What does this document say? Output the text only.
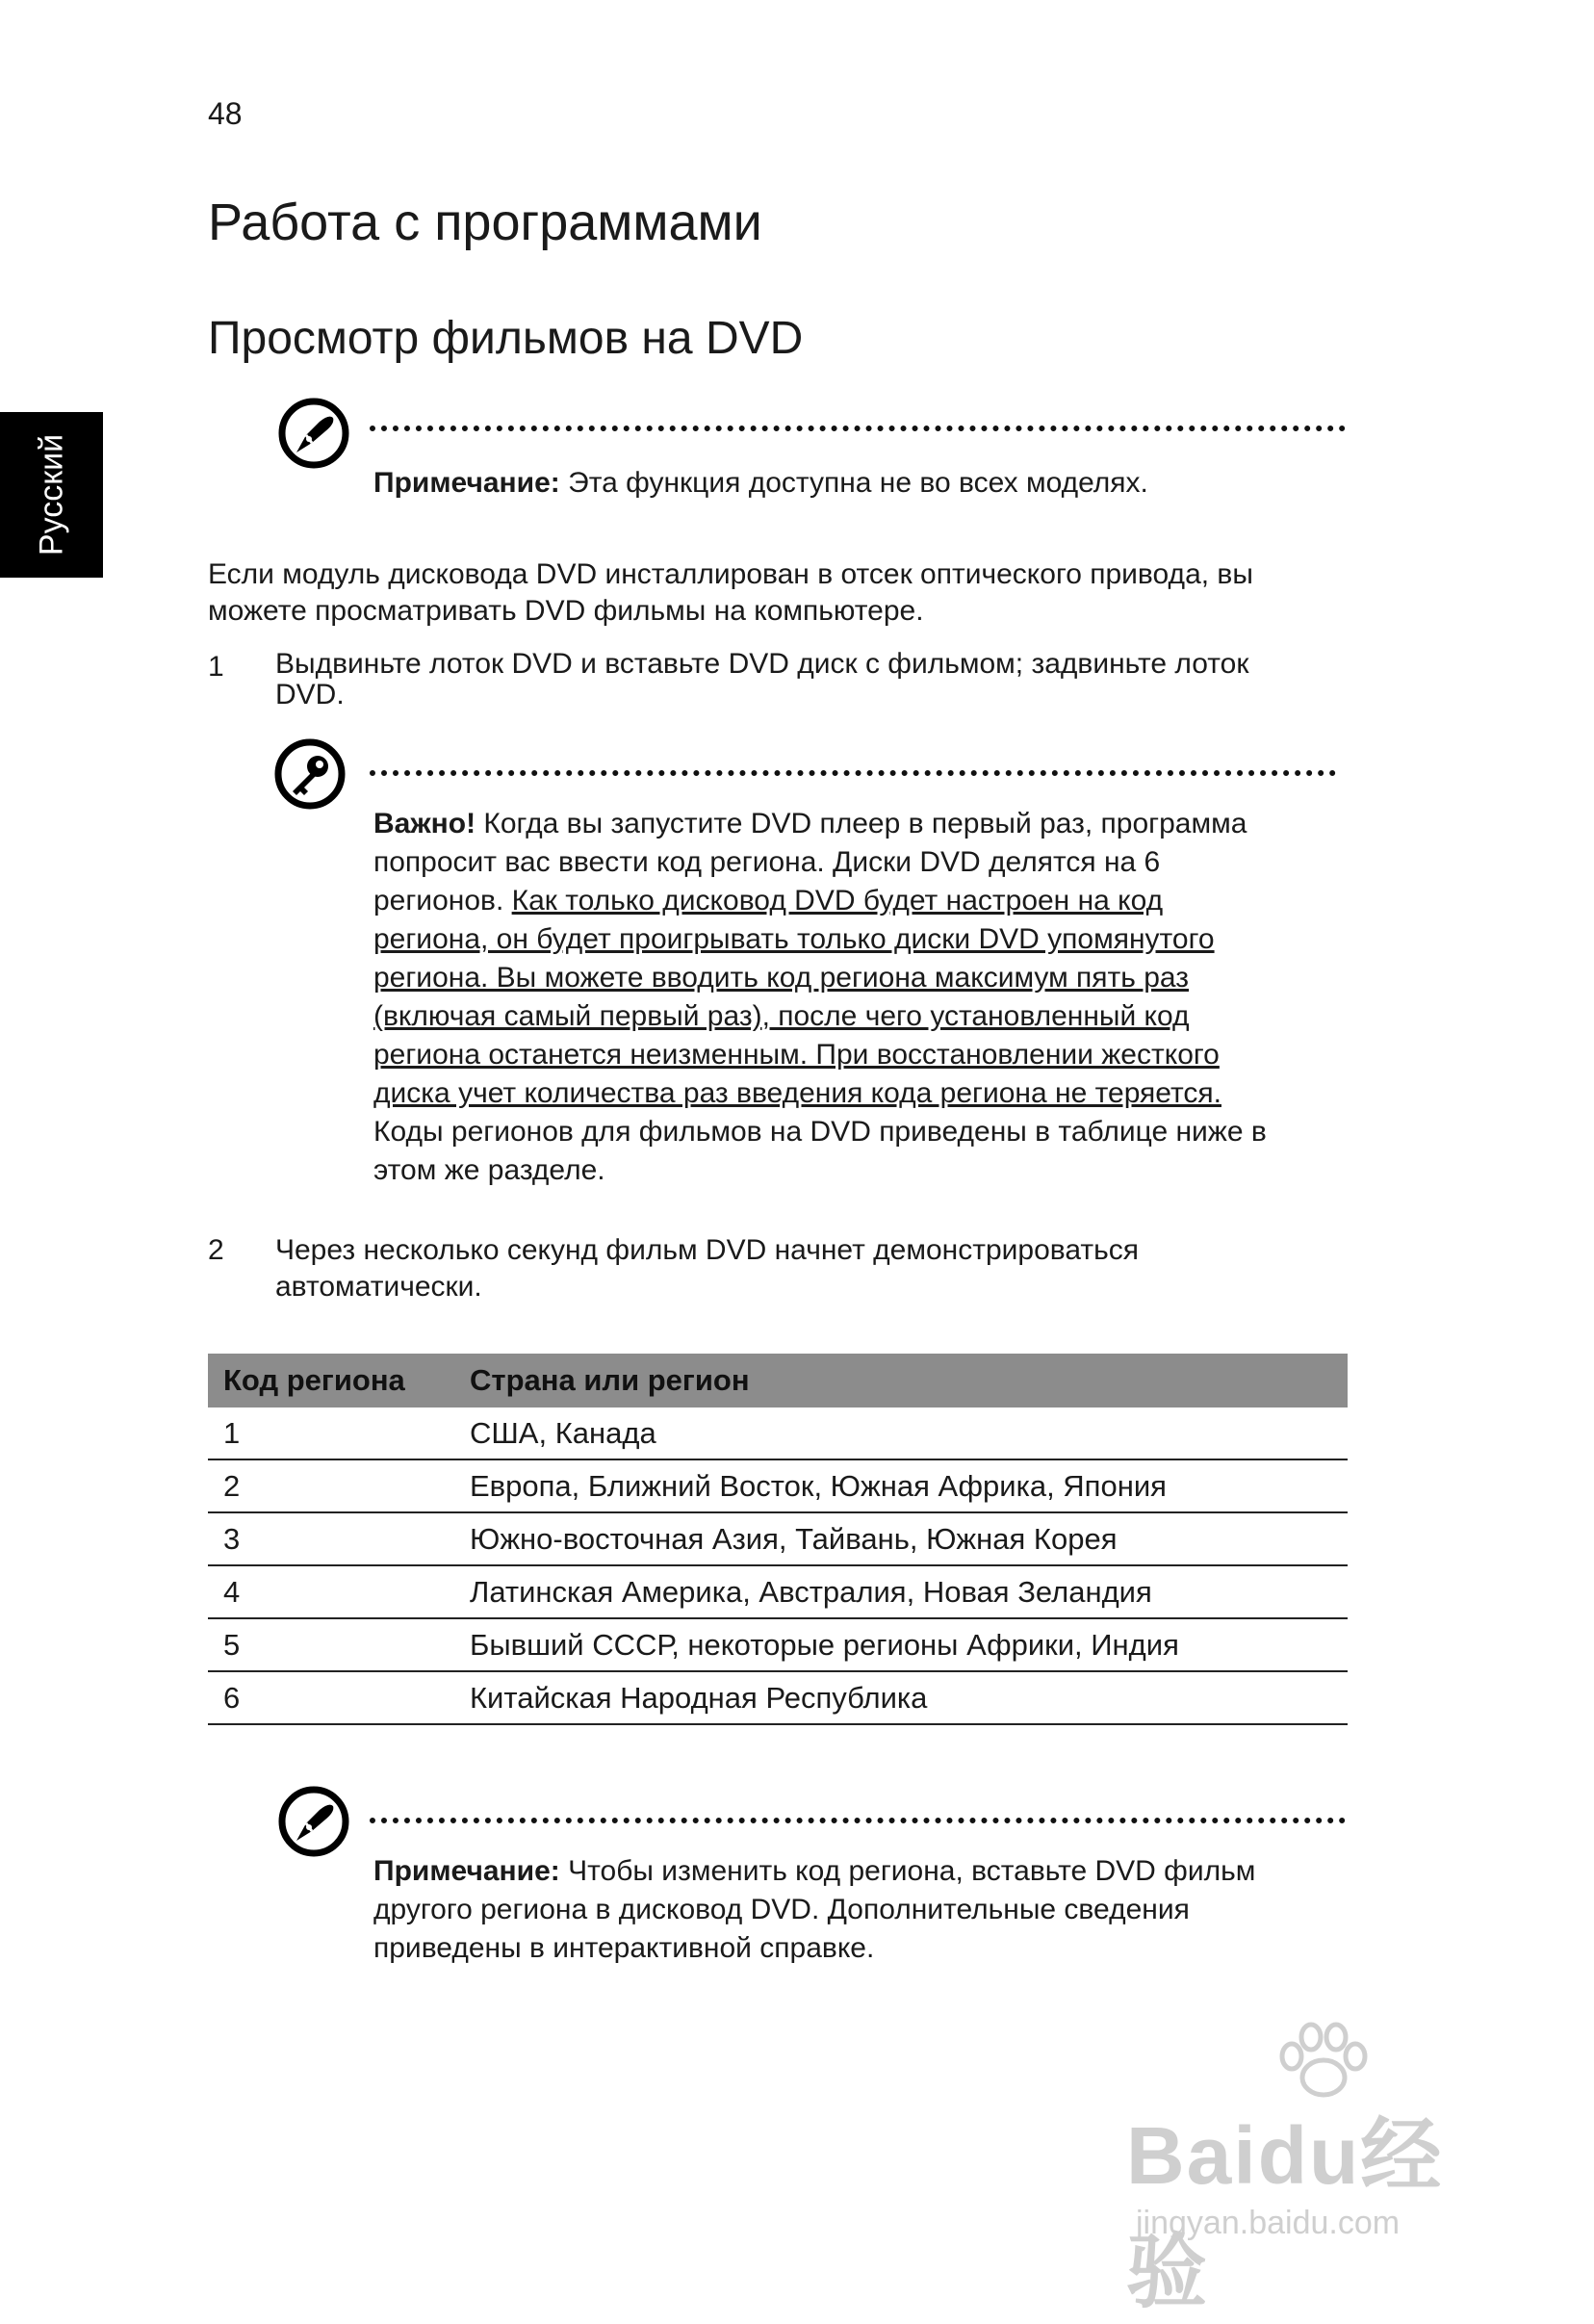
Русский
48
Работа с программами
Просмотр фильмов на DVD
Примечание: Эта функция доступна не во всех моделях.
Если модуль дисковода DVD инсталлирован в отсек оптического привода, вы
можете просматривать DVD фильмы на компьютере.
1 Выдвиньте лоток DVD и вставьте DVD диск с фильмом; задвиньте лоток
DVD.
Важно! Когда вы запустите DVD плеер в первый раз, программа
попросит вас ввести код региона. Диски DVD делятся на 6
регионов. Как только дисковод DVD будет настроен на код
региона, он будет проигрывать только диски DVD упомянутого
региона. Вы можете вводить код региона максимум пять раз
(включая самый первый раз), после чего установленный код
региона останется неизменным. При восстановлении жесткого
диска учет количества раз введения кода региона не теряется.
Коды регионов для фильмов на DVD приведены в таблице ниже в
этом же разделе.
2 Через несколько секунд фильм DVD начнет демонстрироваться
автоматически.
Код региона	Страна или регион
1	США, Канада
2	Европа, Ближний Восток, Южная Африка, Япония
3	Южно-восточная Азия, Тайвань, Южная Корея
4	Латинская Америка, Австралия, Новая Зеландия
5	Бывший СССР, некоторые регионы Африки, Индия
6	Китайская Народная Республика
Примечание: Чтобы изменить код региона, вставьте DVD фильм
другого региона в дисковод DVD. Дополнительные сведения
приведены в интерактивной справке.
Baidu经验
jingyan.baidu.com
